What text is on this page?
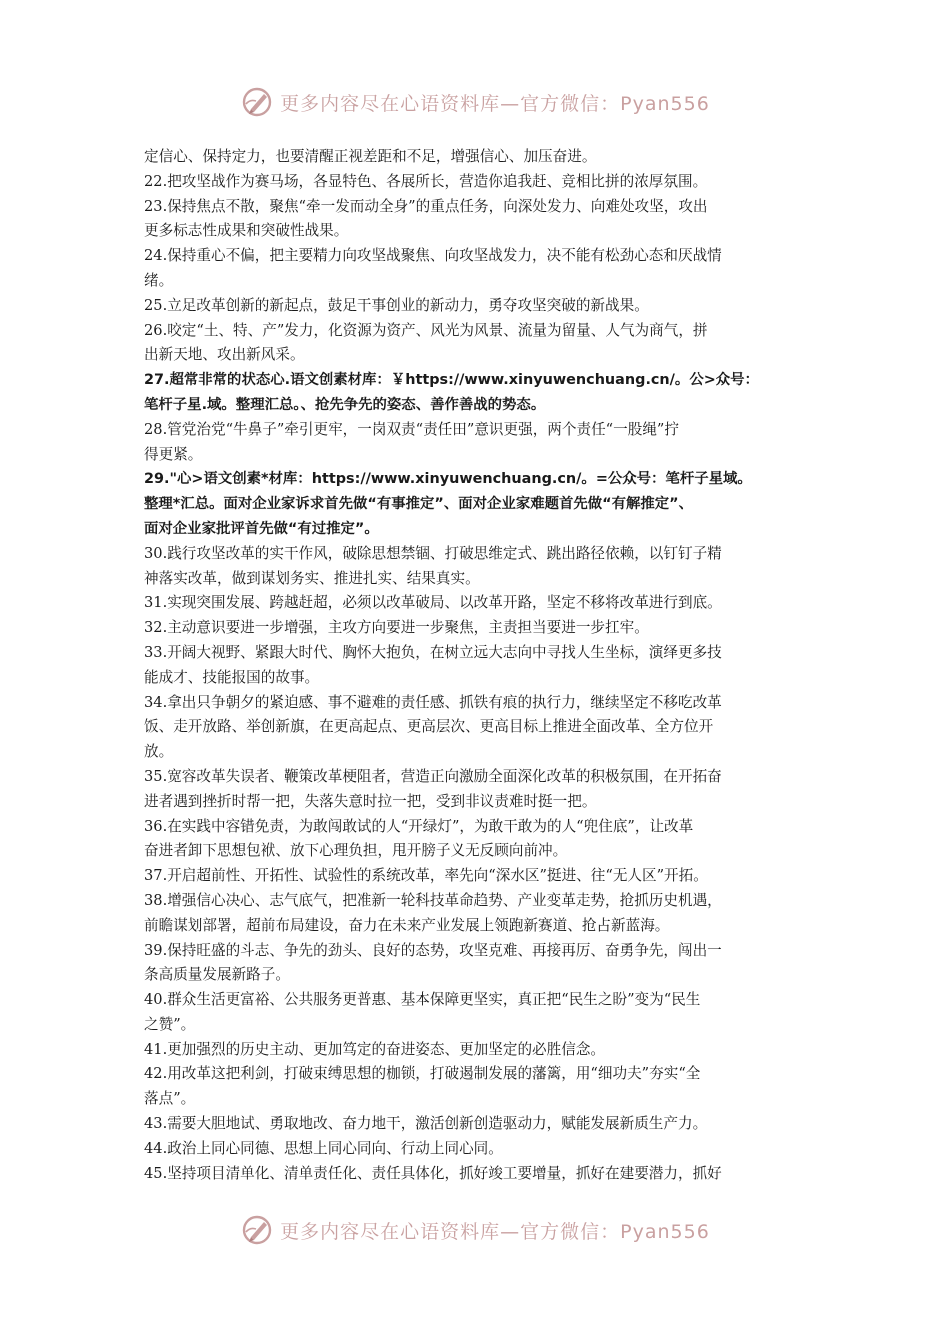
更多内容尽在心语资料库—官方微信：Pyan556
定信心、保持定力，也要清醒正视差距和不足，增强信心、加压奋进。
22.把攻坚战作为赛马场，各显特色、各展所长，营造你追我赶、竞相比拼的浓厚氛围。
23.保持焦点不散，聚焦“牵一发而动全身”的重点任务，向深处发力、向难处攻坚，攻出
更多标志性成果和突破性战果。
24.保持重心不偏，把主要精力向攻坚战聚焦、向攻坚战发力，决不能有松劲心态和厌战情
绪。
25.立足改革创新的新起点，鼓足干事创业的新动力，勇夺攻坚突破的新战果。
26.咬定“土、特、产”发力，化资源为资产、风光为风景、流量为留量、人气为商气，拼
出新天地、攻出新风采。
27.超常非常的状态心.语文创素材库：￥https://www.xinyuwenchuang.cn/。公>众号：
笔杆子星.域。整理汇总。、抢先争先的姿态、善作善战的势态。
28.管党治党“牛鼻子”牵引更牢，一岗双责“责任田”意识更强，两个责任“一股绳”拧
得更紧。
29."心>语文创素*材库：https://www.xinyuwenchuang.cn/。=公众号：笔杆子星域。
整理*汇总。面对企业家诉求首先做“有事推定”、面对企业家难题首先做“有解推定”、
面对企业家批评首先做“有过推定”。
30.践行攻坚改革的实干作风，破除思想禁锢、打破思维定式、跳出路径依赖，以钉钉子精
神落实改革，做到谋划务实、推进扎实、结果真实。
31.实现突围发展、跨越赶超，必须以改革破局、以改革开路，坚定不移将改革进行到底。
32.主动意识要进一步增强，主攻方向要进一步聚焦，主责担当要进一步扛牢。
33.开阔大视野、紧跟大时代、胸怀大抱负，在树立远大志向中寻找人生坐标，演绎更多技
能成才、技能报国的故事。
34.拿出只争朝夕的紧迫感、事不避难的责任感、抓铁有痕的执行力，继续坚定不移吃改革
饭、走开放路、举创新旗，在更高起点、更高层次、更高目标上推进全面改革、全方位开
放。
35.宽容改革失误者、鞭策改革梗阻者，营造正向激励全面深化改革的积极氛围，在开拓奋
进者遇到挫折时帮一把，失落失意时拉一把，受到非议责难时挺一把。
36.在实践中容错免责，为敢闯敢试的人“开绿灯”，为敢干敢为的人“兜住底”，让改革
奋进者卸下思想包袱、放下心理负担，甩开膀子义无反顾向前冲。
37.开启超前性、开拓性、试验性的系统改革，率先向“深水区”挺进、往“无人区”开拓。
38.增强信心决心、志气底气，把准新一轮科技革命趋势、产业变革走势，抢抓历史机遇，
前瞻谋划部署，超前布局建设，奋力在未来产业发展上领跑新赛道、抢占新蓝海。
39.保持旺盛的斗志、争先的劲头、良好的态势，攻坚克难、再接再厉、奋勇争先，闯出一
条高质量发展新路子。
40.群众生活更富裕、公共服务更普惠、基本保障更坚实，真正把“民生之盼”变为“民生
之赞”。
41.更加强烈的历史主动、更加笃定的奋进姿态、更加坚定的必胜信念。
42.用改革这把利剑，打破束缚思想的枷锁，打破遏制发展的藩篱，用“细功夫”夯实“全
落点”。
43.需要大胆地试、勇取地改、奋力地干，激活创新创造驱动力，赋能发展新质生产力。
44.政治上同心同德、思想上同心同向、行动上同心同。
45.坚持项目清单化、清单责任化、责任具体化，抓好竣工要增量，抓好在建要潜力，抓好
更多内容尽在心语资料库—官方微信：Pyan556
